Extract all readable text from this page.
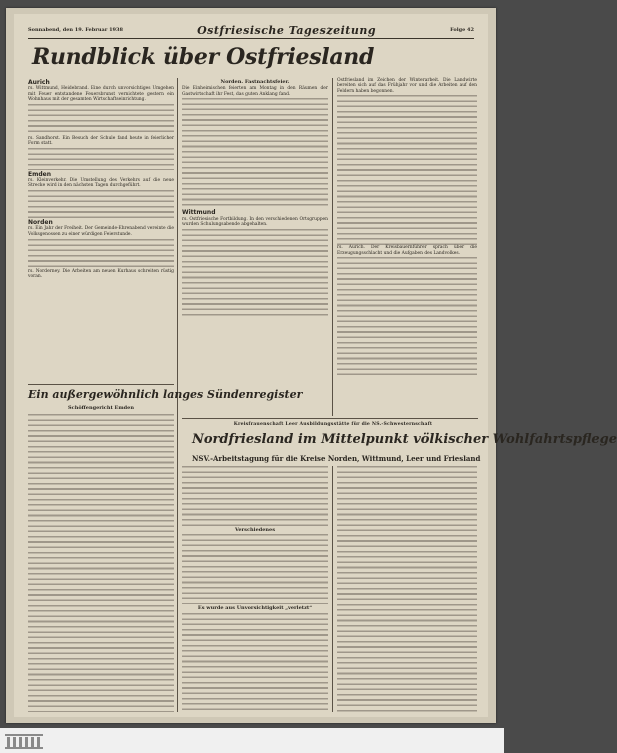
Sonnabend, den 19. Februar 1938	Ostfriesische Tageszeitung	Folge 42
Rundblick über Ostfriesland
Aurich

rs. Wittmund, Heidebrand. Eine durch unvorsichtiges Umgehen mit Feuer entstandene Feuersbrunst vernichtete gestern ein Wohnhaus mit der gesamten Wirtschaftseinrichtung.

rs. Sandhorst. Ein Besuch der Schule fand heute in feierlicher Form statt.

Emden

rs. Kleinverkehr. Die Umstellung des Verkehrs auf die neue Strecke wird in den nächsten Tagen durchgeführt.

Norden

rs. Ein Jahr der Freiheit. Der Gemeinde-Ehrenabend vereinte die Volksgenossen zu einer würdigen Feierstunde.

rs. Norderney. Die Arbeiten am neuen Kurhaus schreiten rüstig voran.

Norden. Fastnachtsfeier.

Die Einheimischen feierten am Montag in den Räumen der Gastwirtschaft ihr Fest, das guten Anklang fand.

Wittmund

rs. Ostfriesische Fortbildung. In den verschiedenen Ortsgruppen wurden Schulungsabende abgehalten.

Ostfriesland im Zeichen der Winterarbeit. Die Landwirte bereiten sich auf das Frühjahr vor und die Arbeiten auf den Feldern haben begonnen.

rs. Aurich. Der Kreisbauernführer sprach über die Erzeugungsschlacht und die Aufgaben des Landvolkes.

Ein außergewöhnlich langes Sündenregister
Schöffengericht Emden
Kreisfrauenschaft Leer Ausbildungsstätte für die NS.-Schwesternschaft
Nordfriesland im Mittelpunkt völkischer Wohlfahrtspflege
NSV.-Arbeitstagung für die Kreise Norden, Wittmund, Leer und Friesland
Verschiedenes
Es wurde aus Unvorsichtigkeit „verletzt“
